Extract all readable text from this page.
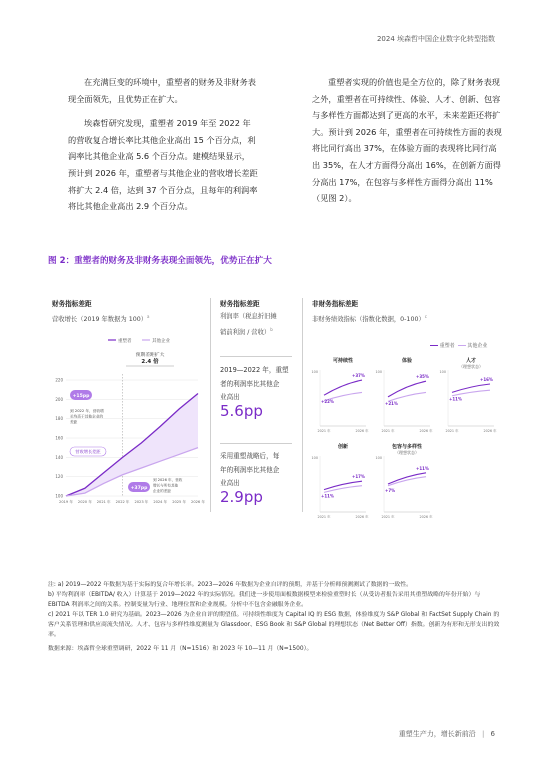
2024 埃森哲中国企业数字化转型指数

在充满巨变的环境中，重塑者的财务及非财务表现全面领先，且优势正在扩大。

埃森哲研究发现，重塑者 2019 年至 2022 年的营收复合增长率比其他企业高出 15 个百分点，利润率比其他企业高 5.6 个百分点。建模结果显示，预计到 2026 年，重塑者与其他企业的营收增长差距将扩大 2.4 倍，达到 37 个百分点，且每年的利润率将比其他企业高出 2.9 个百分点。

重塑者实现的价值也是全方位的，除了财务表现之外，重塑者在可持续性、体验、人才、创新、包容与多样性方面都达到了更高的水平，未来差距还将扩大。预计到 2026 年，重塑者在可持续性方面的表现将比同行高出 37%，在体验方面的表现将比同行高出 35%，在人才方面得分高出 16%，在创新方面得分高出 17%，在包容与多样性方面得分高出 11%（见图 2）。

图 2：重塑者的财务及非财务表现全面领先，优势正在扩大
财务指标差距
营收增长（2019 年数据为 100）$^a$
财务指标差距
利润率（税息折旧摊
销前利润 / 营收）$^b$
非财务指标差距
非财务绩效指标（指数化数据，0-100）$^c$
2019—2022 年，重塑
者的利润率比其他企
业高出
5.6pp
采用重塑战略后，每
年的利润率比其他企
业高出
2.9pp
重塑者	其他企业
100
120
140
160
180
200
220
2019 年 2020 年 2021 年 2022 年 2023 年 2024 年 2025 年 2026 年
预期差距扩大
2.4 倍
+15pp
到 2022 年，营收增
长均高于其他企业的
差距
营收增长差距
+37pp
到 2026 年，营收
增长与所有其他
企业的差距
重塑者	其他企业
可持续性
100
2021 年	2026 年
+22%
+37%
体验
100
2021 年	2026 年
+21%
+35%
人才
（理想状态）
100
2021 年	2026 年
+11%
+16%
创新
100
2021 年	2026 年
+11%
+17%
包容与多样性
（理想状态）
100
2021 年	2026 年
+7%
+11%

注: a) 2019—2022 年数据为基于实际的复合年增长率。2023—2026 年数据为企业自评的预期，并基于分析师预测测试了数据的一致性。

b) 平均利润率（EBITDA/ 收入）计算基于 2019—2022 年的实际情况。我们进一步使用面板数据模型来检验重塑时长（从受访者报告采用其重塑战略的年份开始）与 EBITDA 利润率之间的关系。控制变量为行业、地理位置和企业规模。分析中不包含金融服务企业。

c) 2021 年以 TER 1.0 研究为基础。2023—2026 为企业自评的期望值。可持续性维度为 Capital IQ 的 ESG 数据，体验维度为 S&P Global 和 FactSet Supply Chain 的客户关系管理和供应商流失情况。人才、包容与多样性维度测量为 Glassdoor、ESG Book 和 S&P Global 的理想状态（Net Better Off）指数。创新为有形和无形支出的效率。

数据来源：埃森哲全球重塑调研，2022 年 11 月（N=1516）和 2023 年 10—11 月（N=1500）。

重塑生产力，增长新前沿 | 6
